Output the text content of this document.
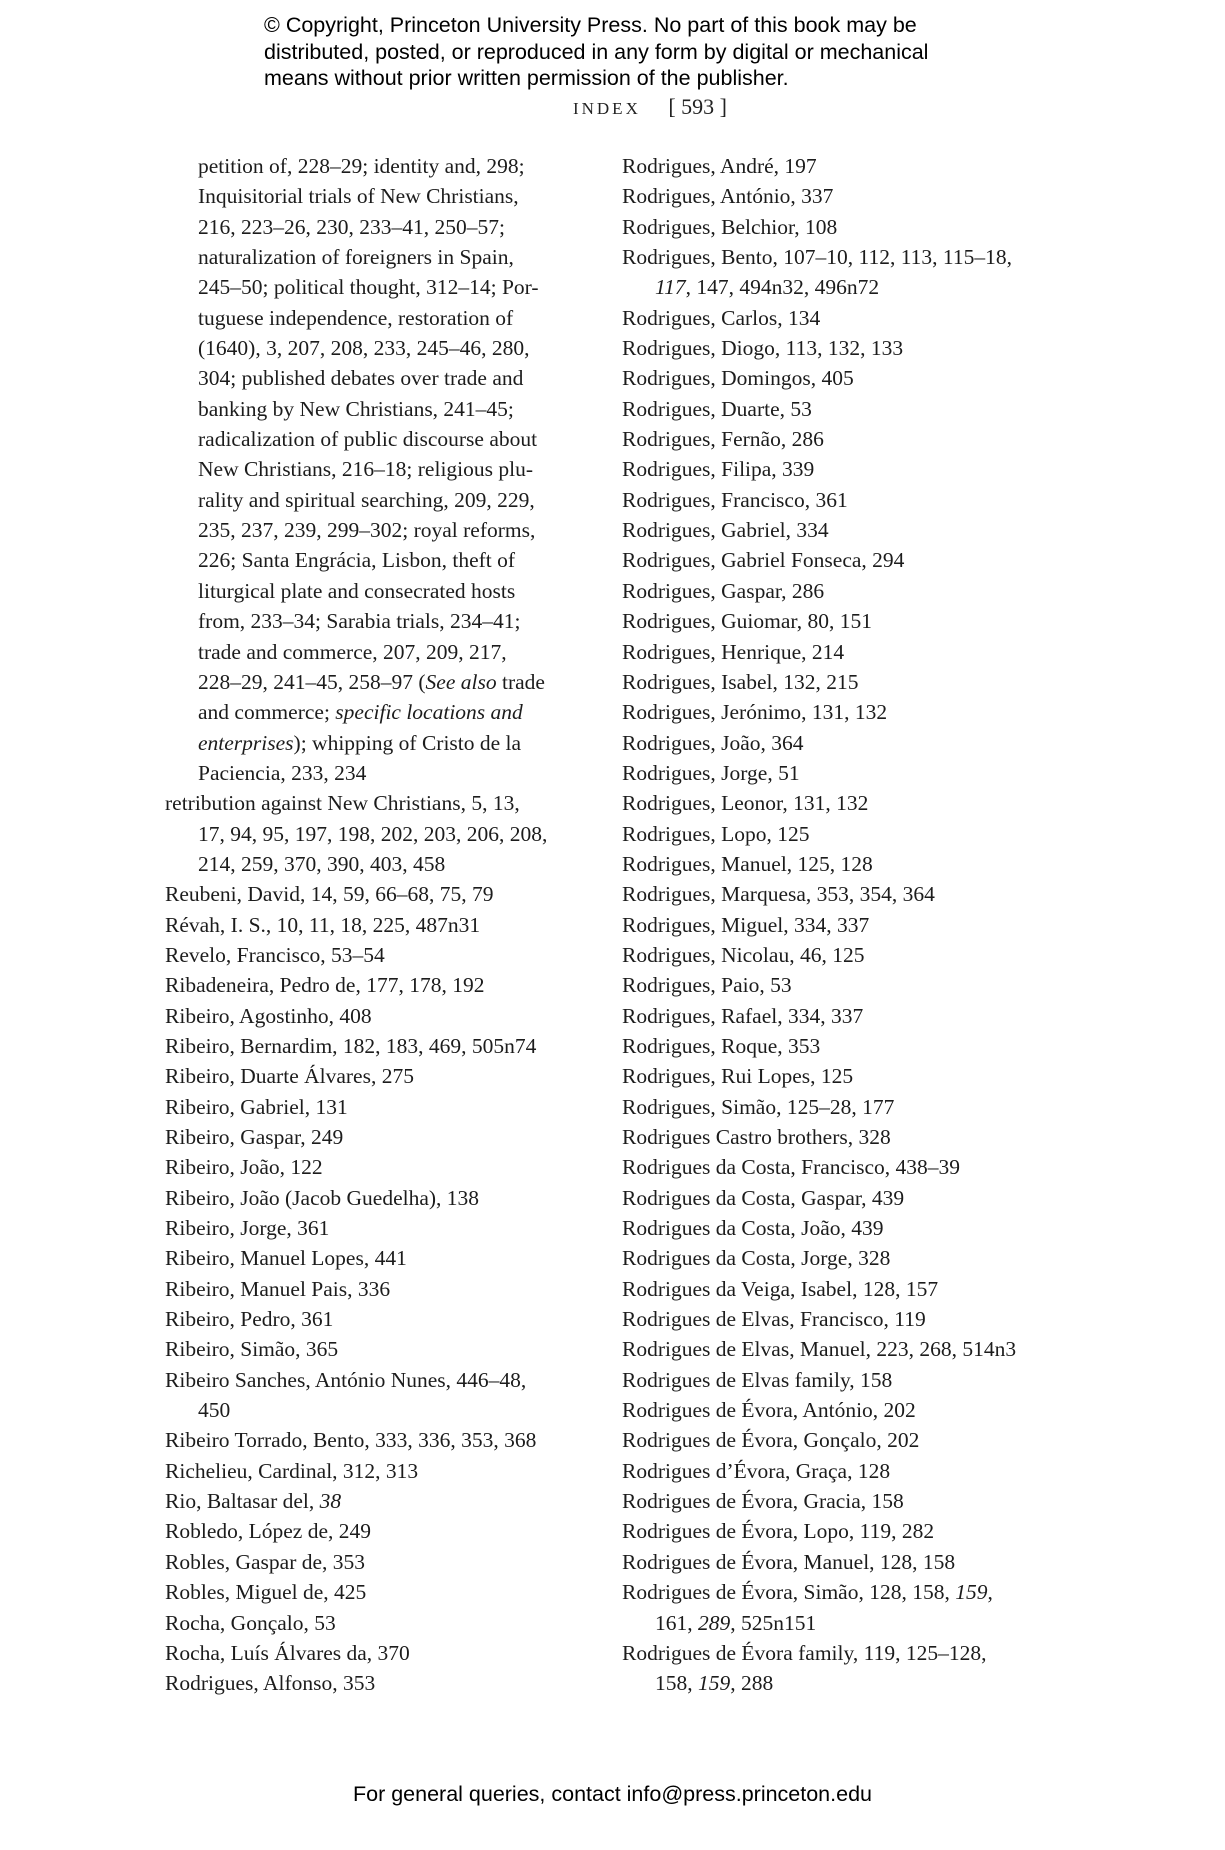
© Copyright, Princeton University Press. No part of this book may be
distributed, posted, or reproduced in any form by digital or mechanical
means without prior written permission of the publisher.
INDEX [ 593 ]
petition of, 228–29; identity and, 298;
Inquisitorial trials of New Christians,
216, 223–26, 230, 233–41, 250–57;
naturalization of foreigners in Spain,
245–50; political thought, 312–14; Por-
tuguese independence, restoration of
(1640), 3, 207, 208, 233, 245–46, 280,
304; published debates over trade and
banking by New Christians, 241–45;
radicalization of public discourse about
New Christians, 216–18; religious plu-
rality and spiritual searching, 209, 229,
235, 237, 239, 299–302; royal reforms,
226; Santa Engrácia, Lisbon, theft of
liturgical plate and consecrated hosts
from, 233–34; Sarabia trials, 234–41;
trade and commerce, 207, 209, 217,
228–29, 241–45, 258–97 (See also trade
and commerce; specific locations and
enterprises); whipping of Cristo de la
Paciencia, 233, 234
retribution against New Christians, 5, 13,
17, 94, 95, 197, 198, 202, 203, 206, 208,
214, 259, 370, 390, 403, 458
Reubeni, David, 14, 59, 66–68, 75, 79
Révah, I. S., 10, 11, 18, 225, 487n31
Revelo, Francisco, 53–54
Ribadeneira, Pedro de, 177, 178, 192
Ribeiro, Agostinho, 408
Ribeiro, Bernardim, 182, 183, 469, 505n74
Ribeiro, Duarte Álvares, 275
Ribeiro, Gabriel, 131
Ribeiro, Gaspar, 249
Ribeiro, João, 122
Ribeiro, João (Jacob Guedelha), 138
Ribeiro, Jorge, 361
Ribeiro, Manuel Lopes, 441
Ribeiro, Manuel Pais, 336
Ribeiro, Pedro, 361
Ribeiro, Simão, 365
Ribeiro Sanches, António Nunes, 446–48,
450
Ribeiro Torrado, Bento, 333, 336, 353, 368
Richelieu, Cardinal, 312, 313
Rio, Baltasar del, 38
Robledo, López de, 249
Robles, Gaspar de, 353
Robles, Miguel de, 425
Rocha, Gonçalo, 53
Rocha, Luís Álvares da, 370
Rodrigues, Alfonso, 353
Rodrigues, André, 197
Rodrigues, António, 337
Rodrigues, Belchior, 108
Rodrigues, Bento, 107–10, 112, 113, 115–18,
117, 147, 494n32, 496n72
Rodrigues, Carlos, 134
Rodrigues, Diogo, 113, 132, 133
Rodrigues, Domingos, 405
Rodrigues, Duarte, 53
Rodrigues, Fernão, 286
Rodrigues, Filipa, 339
Rodrigues, Francisco, 361
Rodrigues, Gabriel, 334
Rodrigues, Gabriel Fonseca, 294
Rodrigues, Gaspar, 286
Rodrigues, Guiomar, 80, 151
Rodrigues, Henrique, 214
Rodrigues, Isabel, 132, 215
Rodrigues, Jerónimo, 131, 132
Rodrigues, João, 364
Rodrigues, Jorge, 51
Rodrigues, Leonor, 131, 132
Rodrigues, Lopo, 125
Rodrigues, Manuel, 125, 128
Rodrigues, Marquesa, 353, 354, 364
Rodrigues, Miguel, 334, 337
Rodrigues, Nicolau, 46, 125
Rodrigues, Paio, 53
Rodrigues, Rafael, 334, 337
Rodrigues, Roque, 353
Rodrigues, Rui Lopes, 125
Rodrigues, Simão, 125–28, 177
Rodrigues Castro brothers, 328
Rodrigues da Costa, Francisco, 438–39
Rodrigues da Costa, Gaspar, 439
Rodrigues da Costa, João, 439
Rodrigues da Costa, Jorge, 328
Rodrigues da Veiga, Isabel, 128, 157
Rodrigues de Elvas, Francisco, 119
Rodrigues de Elvas, Manuel, 223, 268, 514n3
Rodrigues de Elvas family, 158
Rodrigues de Évora, António, 202
Rodrigues de Évora, Gonçalo, 202
Rodrigues d’Évora, Graça, 128
Rodrigues de Évora, Gracia, 158
Rodrigues de Évora, Lopo, 119, 282
Rodrigues de Évora, Manuel, 128, 158
Rodrigues de Évora, Simão, 128, 158, 159,
161, 289, 525n151
Rodrigues de Évora family, 119, 125–128,
158, 159, 288
For general queries, contact info@press.princeton.edu
